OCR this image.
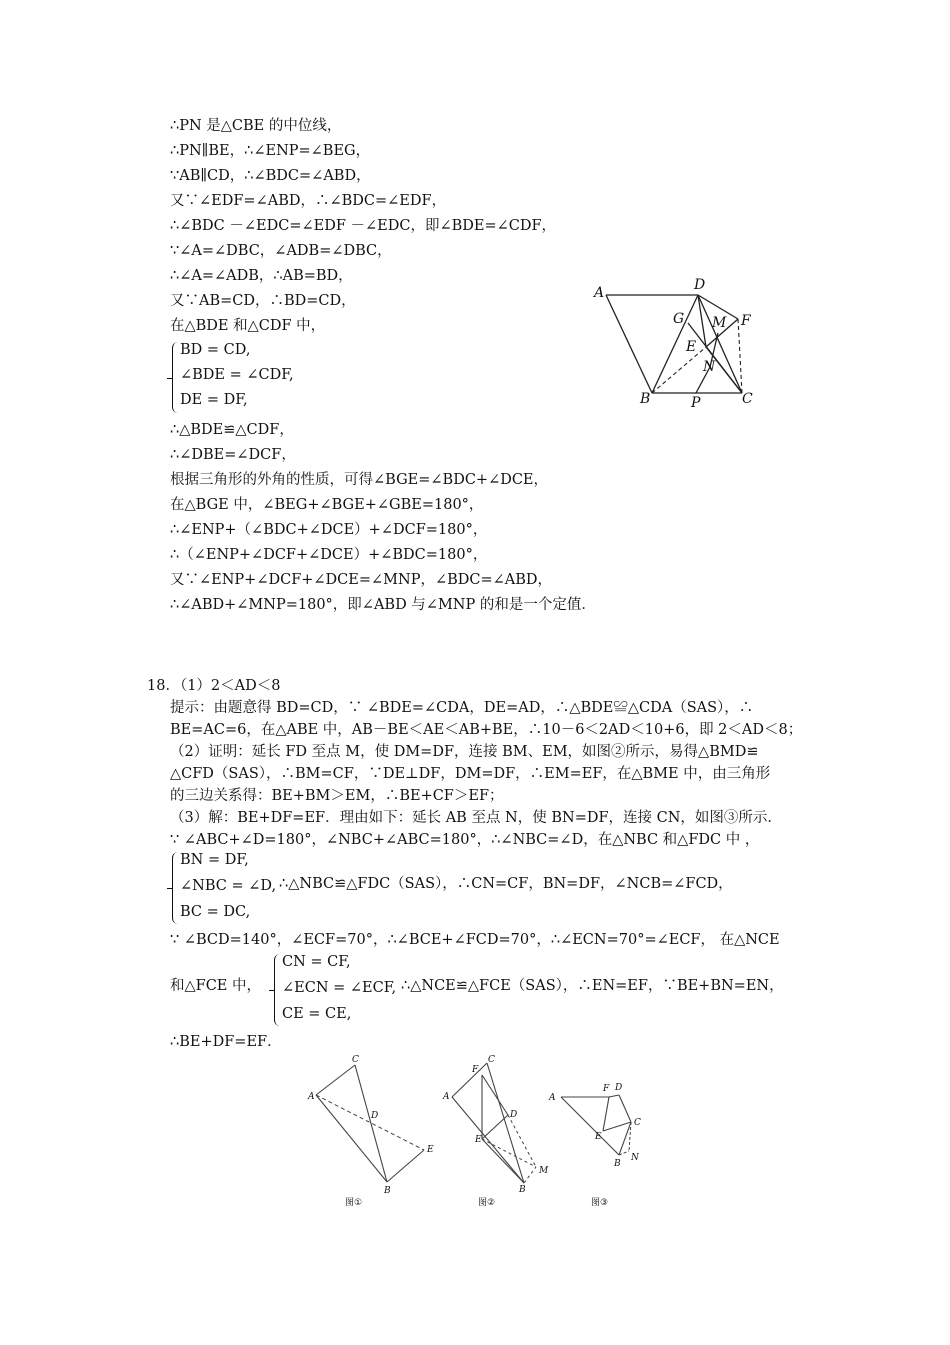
∴PN 是△CBE 的中位线，
∴PN∥BE，∴∠ENP=∠BEG，
∵AB∥CD，∴∠BDC=∠ABD，
又∵∠EDF=∠ABD，∴∠BDC=∠EDF，
∴∠BDC －∠EDC=∠EDF －∠EDC，即∠BDE=∠CDF，
∵∠A=∠DBC，∠ADB=∠DBC，
∴∠A=∠ADB，∴AB=BD，
又∵AB=CD，∴BD=CD，
在△BDE 和△CDF 中，
BD = CD,
∠BDE = ∠CDF,
DE = DF,
∴△BDE≌△CDF，
∴∠DBE=∠DCF，
根据三角形的外角的性质，可得∠BGE=∠BDC+∠DCE，
在△BGE 中，∠BEG+∠BGE+∠GBE=180°，
∴∠ENP+（∠BDC+∠DCE）+∠DCF=180°，
∴（∠ENP+∠DCF+∠DCE）+∠BDC=180°，
又∵∠ENP+∠DCF+∠DCE=∠MNP，∠BDC=∠ABD，
∴∠ABD+∠MNP=180°，即∠ABD 与∠MNP 的和是一个定值．
A	D
G M F
E
N
B	P	C
18．（1）2＜AD＜8
提示：由题意得 BD=CD，∵ ∠BDE=∠CDA，DE=AD，∴△BDE≌△CDA（SAS），∴
BE=AC=6，在△ABE 中，AB－BE＜AE＜AB+BE，∴10－6＜2AD＜10+6，即 2＜AD＜8；
（2）证明：延长 FD 至点 M，使 DM=DF，连接 BM、EM，如图②所示，易得△BMD≌
△CFD（SAS），∴BM=CF，∵DE⊥DF，DM=DF，∴EM=EF，在△BME 中，由三角形
的三边关系得：BE+BM＞EM，∴BE+CF＞EF；
（3）解：BE+DF=EF．理由如下：延长 AB 至点 N，使 BN=DF，连接 CN，如图③所示．
∵ ∠ABC+∠D=180°，∠NBC+∠ABC=180°，∴∠NBC=∠D，在△NBC 和△FDC 中 ，
BN = DF,
∠NBC = ∠D,
BC = DC,
∴△NBC≌△FDC（SAS），∴CN=CF，BN=DF，∠NCB=∠FCD，
∵ ∠BCD=140°，∠ECF=70°，∴∠BCE+∠FCD=70°，∴∠ECN=70°=∠ECF， 在△NCE
和△FCE 中，
CN = CF,
∠ECN = ∠ECF,
CE = CE,
∴△NCE≌△FCE（SAS），∴EN=EF，∵BE+BN=EN，
∴BE+DF=EF．
A
C
D
E
B
图①
F
C
A
D
E
M
B
图②
F D
A
C
E
B
N
图③
